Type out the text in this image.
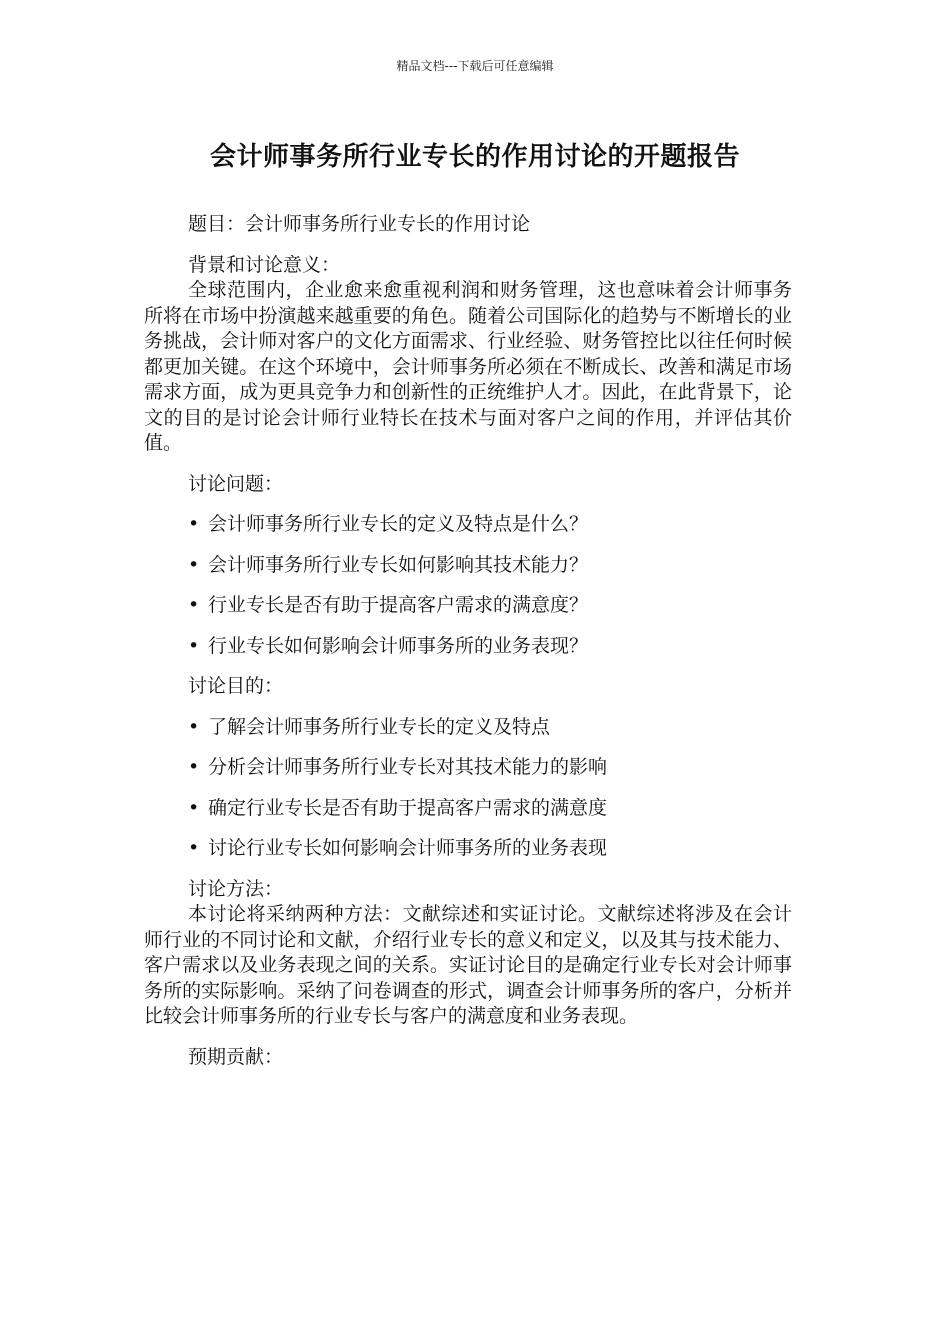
精品文档---下载后可任意编辑
会计师事务所行业专长的作用讨论的开题报告

题目：会计师事务所行业专长的作用讨论

背景和讨论意义：

全球范围内，企业愈来愈重视利润和财务管理，这也意味着会计师事务所将在市场中扮演越来越重要的角色。随着公司国际化的趋势与不断增长的业务挑战，会计师对客户的文化方面需求、行业经验、财务管控比以往任何时候都更加关键。在这个环境中，会计师事务所必须在不断成长、改善和满足市场需求方面，成为更具竞争力和创新性的正统维护人才。因此，在此背景下，论文的目的是讨论会计师行业特长在技术与面对客户之间的作用，并评估其价值。

讨论问题：

• 会计师事务所行业专长的定义及特点是什么？
• 会计师事务所行业专长如何影响其技术能力？
• 行业专长是否有助于提高客户需求的满意度？
• 行业专长如何影响会计师事务所的业务表现？

讨论目的：

• 了解会计师事务所行业专长的定义及特点
• 分析会计师事务所行业专长对其技术能力的影响
• 确定行业专长是否有助于提高客户需求的满意度
• 讨论行业专长如何影响会计师事务所的业务表现

讨论方法：

本讨论将采纳两种方法：文献综述和实证讨论。文献综述将涉及在会计师行业的不同讨论和文献，介绍行业专长的意义和定义，以及其与技术能力、客户需求以及业务表现之间的关系。实证讨论目的是确定行业专长对会计师事务所的实际影响。采纳了问卷调查的形式，调查会计师事务所的客户，分析并比较会计师事务所的行业专长与客户的满意度和业务表现。

预期贡献：
